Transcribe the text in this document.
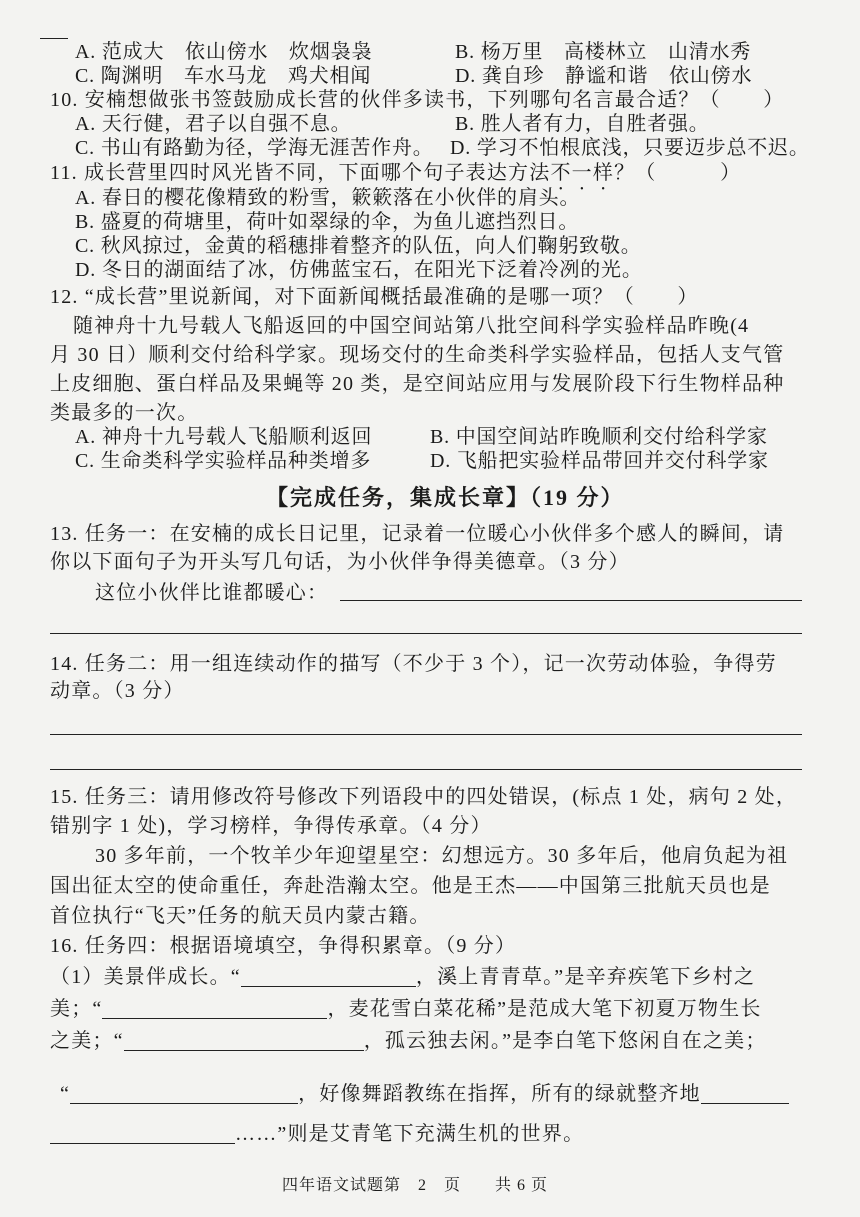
A. 范成大　依山傍水　炊烟袅袅	B. 杨万里　高楼林立　山清水秀
C. 陶渊明　车水马龙　鸡犬相闻	D. 龚自珍　静谧和谐　依山傍水
10. 安楠想做张书签鼓励成长营的伙伴多读书，下列哪句名言最合适？（　　）
A. 天行健，君子以自强不息。	B. 胜人者有力，自胜者强。
C. 书山有路勤为径，学海无涯苦作舟。 D. 学习不怕根底浅，只要迈步总不迟。
11. 成长营里四时风光皆不同，下面哪个句子表达方法不一样？（　　　）
A. 春日的樱花像精致的粉雪，簌簌落在小伙伴的肩头。
B. 盛夏的荷塘里，荷叶如翠绿的伞，为鱼儿遮挡烈日。
C. 秋风掠过，金黄的稻穗排着整齐的队伍，向人们鞠躬致敬。
D. 冬日的湖面结了冰，仿佛蓝宝石，在阳光下泛着冷冽的光。
12. “成长营”里说新闻，对下面新闻概括最准确的是哪一项？（　　）
随神舟十九号载人飞船返回的中国空间站第八批空间科学实验样品昨晚(4
月 30 日）顺利交付给科学家。现场交付的生命类科学实验样品，包括人支气管
上皮细胞、蛋白样品及果蝇等 20 类，是空间站应用与发展阶段下行生物样品种
类最多的一次。
A. 神舟十九号载人飞船顺利返回	B. 中国空间站昨晚顺利交付给科学家
C. 生命类科学实验样品种类增多	D. 飞船把实验样品带回并交付科学家
【完成任务，集成长章】（19 分）
13. 任务一：在安楠的成长日记里，记录着一位暖心小伙伴多个感人的瞬间，请
你以下面句子为开头写几句话，为小伙伴争得美德章。（3 分）
这位小伙伴比谁都暖心：
14. 任务二：用一组连续动作的描写（不少于 3 个），记一次劳动体验，争得劳
动章。（3 分）
15. 任务三：请用修改符号修改下列语段中的四处错误，(标点 1 处，病句 2 处，
错别字 1 处)，学习榜样，争得传承章。（4 分）
30 多年前，一个牧羊少年迎望星空：幻想远方。30 多年后，他肩负起为祖
国出征太空的使命重任，奔赴浩瀚太空。他是王杰——中国第三批航天员也是
首位执行“飞天”任务的航天员内蒙古籍。
16. 任务四：根据语境填空，争得积累章。（9 分）
（1）美景伴成长。“	，溪上青青草。”是辛弃疾笔下乡村之
美；“	，麦花雪白菜花稀”是范成大笔下初夏万物生长
之美；“	，孤云独去闲。”是李白笔下悠闲自在之美；
“	，好像舞蹈教练在指挥，所有的绿就整齐地
……”则是艾青笔下充满生机的世界。
四年语文试题第　2　页　　共 6 页
